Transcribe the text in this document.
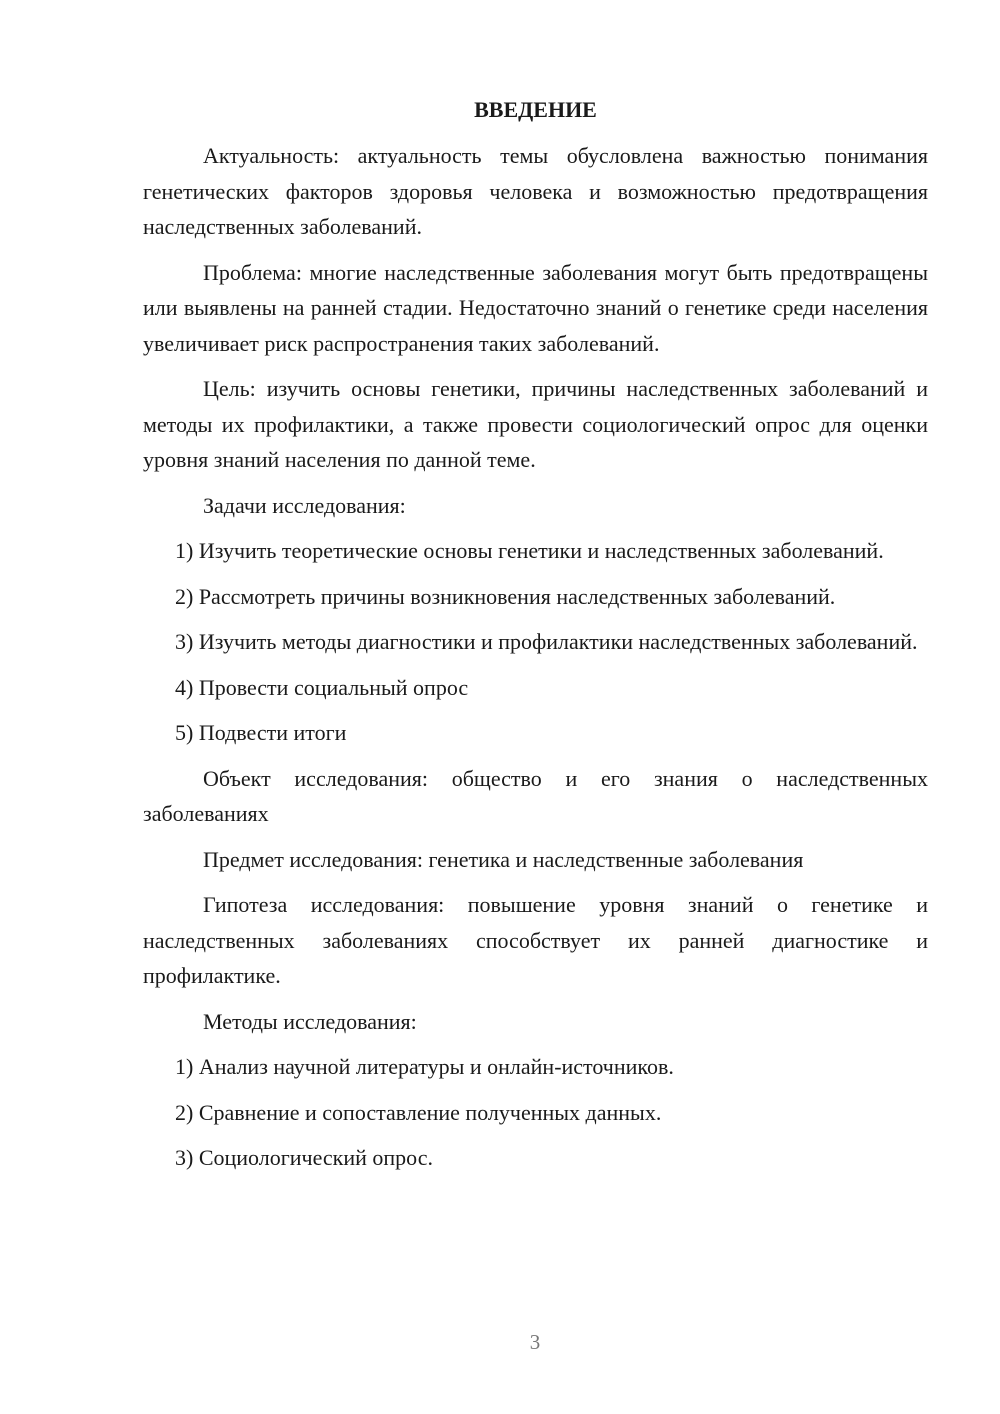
ВВЕДЕНИЕ

Актуальность: актуальность темы обусловлена важностью понимания генетических факторов здоровья человека и возможностью предотвращения наследственных заболеваний.

Проблема: многие наследственные заболевания могут быть предотвращены или выявлены на ранней стадии. Недостаточно знаний о генетике среди населения увеличивает риск распространения таких заболеваний.

Цель: изучить основы генетики, причины наследственных заболеваний и методы их профилактики, а также провести социологический опрос для оценки уровня знаний населения по данной теме.

Задачи исследования:

1) Изучить теоретические основы генетики и наследственных заболеваний.

2) Рассмотреть причины возникновения наследственных заболеваний.

3) Изучить методы диагностики и профилактики наследственных заболеваний.

4) Провести социальный опрос

5) Подвести итоги

Объект исследования: общество и его знания о наследственных заболеваниях

Предмет исследования: генетика и наследственные заболевания

Гипотеза исследования: повышение уровня знаний о генетике и наследственных заболеваниях способствует их ранней диагностике и профилактике.

Методы исследования:

1) Анализ научной литературы и онлайн-источников.

2) Сравнение и сопоставление полученных данных.

3) Социологический опрос.

3
